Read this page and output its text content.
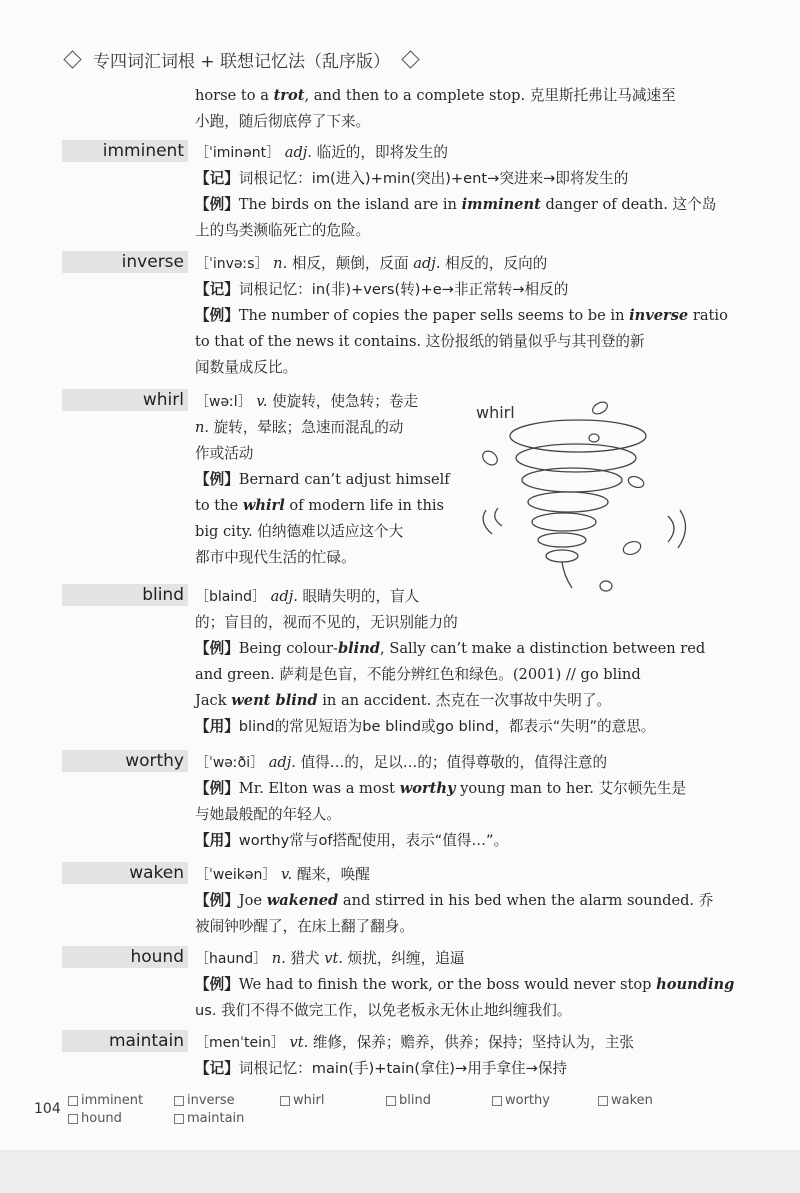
专四词汇词根 + 联想记忆法（乱序版）
horse to a trot, and then to a complete stop. 克里斯托弗让马减速至
小跑，随后彻底停了下来。
imminent ［ˈiminənt］ adj. 临近的，即将发生的
【记】词根记忆：im(进入)+min(突出)+ent→突进来→即将发生的
【例】The birds on the island are in imminent danger of death. 这个岛
上的鸟类濒临死亡的危险。
inverse ［ˈinvəːs］ n. 相反，颠倒，反面 adj. 相反的，反向的
【记】词根记忆：in(非)+vers(转)+e→非正常转→相反的
【例】The number of copies the paper sells seems to be in inverse ratio
to that of the news it contains. 这份报纸的销量似乎与其刊登的新
闻数量成反比。
whirl ［wəːl］ v. 使旋转，使急转；卷走
n. 旋转，晕眩；急速而混乱的动
作或活动
【例】Bernard can’t adjust himself
to the whirl of modern life in this
big city. 伯纳德难以适应这个大
都市中现代生活的忙碌。
whirl
blind ［blaind］ adj. 眼睛失明的，盲人
的；盲目的，视而不见的，无识别能力的
【例】Being colour-blind, Sally can’t make a distinction between red
and green. 萨莉是色盲，不能分辨红色和绿色。(2001) // go blind
Jack went blind in an accident. 杰克在一次事故中失明了。
【用】blind的常见短语为be blind或go blind，都表示“失明”的意思。
worthy ［ˈwəːði］ adj. 值得…的，足以…的；值得尊敬的，值得注意的
【例】Mr. Elton was a most worthy young man to her. 艾尔顿先生是
与她最般配的年轻人。
【用】worthy常与of搭配使用，表示“值得…”。
waken ［ˈweikən］ v. 醒来，唤醒
【例】Joe wakened and stirred in his bed when the alarm sounded. 乔
被闹钟吵醒了，在床上翻了翻身。
hound ［haund］ n. 猎犬 vt. 烦扰，纠缠，追逼
【例】We had to finish the work, or the boss would never stop hounding
us. 我们不得不做完工作，以免老板永无休止地纠缠我们。
maintain ［menˈtein］ vt. 维修，保养；赡养，供养；保持；坚持认为，主张
【记】词根记忆：main(手)+tain(拿住)→用手拿住→保持
104
imminent	inverse	whirl	blind	worthy	waken
hound	maintain
